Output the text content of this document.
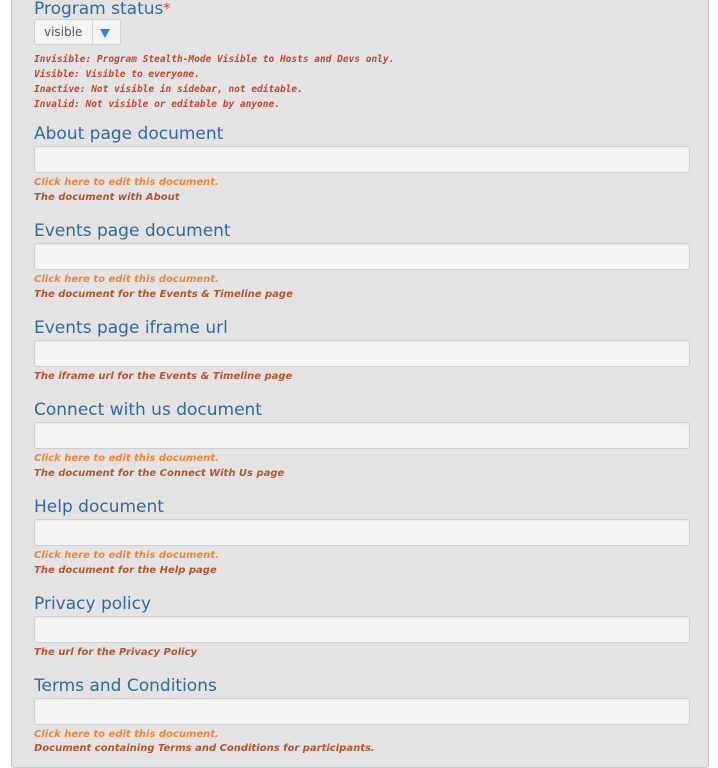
Program status*
visible
Invisible: Program Stealth-Mode Visible to Hosts and Devs only.
Visible: Visible to everyone.
Inactive: Not visible in sidebar, not editable.
Invalid: Not visible or editable by anyone.
About page document
Click here to edit this document.
The document with About
Events page document
Click here to edit this document.
The document for the Events & Timeline page
Events page iframe url
The iframe url for the Events & Timeline page
Connect with us document
Click here to edit this document.
The document for the Connect With Us page
Help document
Click here to edit this document.
The document for the Help page
Privacy policy
The url for the Privacy Policy
Terms and Conditions
Click here to edit this document.
Document containing Terms and Conditions for participants.
